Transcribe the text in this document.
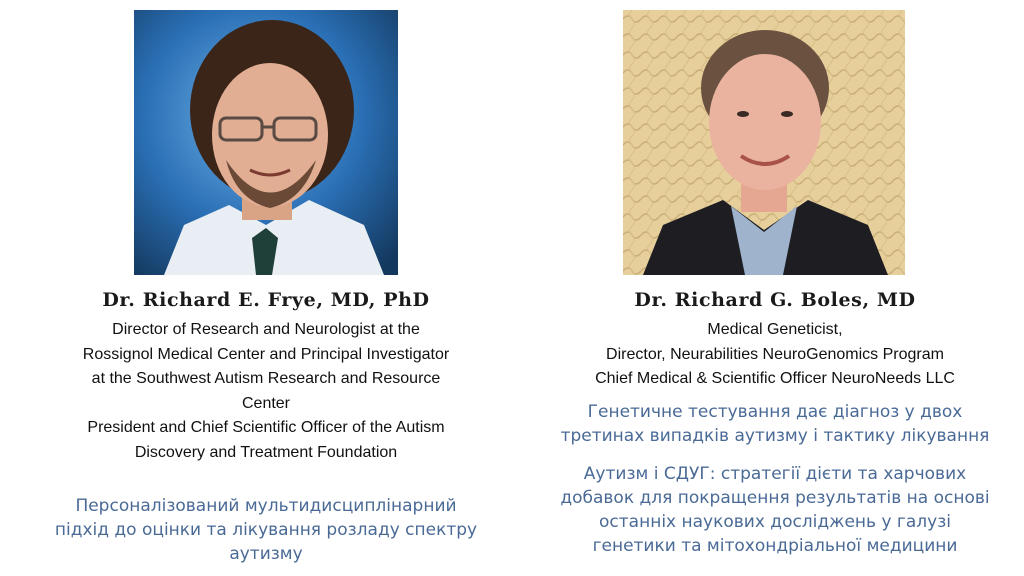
Dr. Richard E. Frye, MD, PhD
Director of Research and Neurologist at the
Rossignol Medical Center and Principal Investigator
at the Southwest Autism Research and Resource
Center
President and Chief Scientific Officer of the Autism
Discovery and Treatment Foundation
Персоналізований мультидисциплінарний
підхід до оцінки та лікування розладу спектру
аутизму
Dr. Richard G. Boles, MD
Medical Geneticist,
Director, Neurabilities NeuroGenomics Program
Chief Medical & Scientific Officer NeuroNeeds LLC
Генетичне тестування дає діагноз у двох
третинах випадків аутизму і тактику лікування
Аутизм і СДУГ: стратегії дієти та харчових
добавок для покращення результатів на основі
останніх наукових досліджень у галузі
генетики та мітохондріальної медицини
